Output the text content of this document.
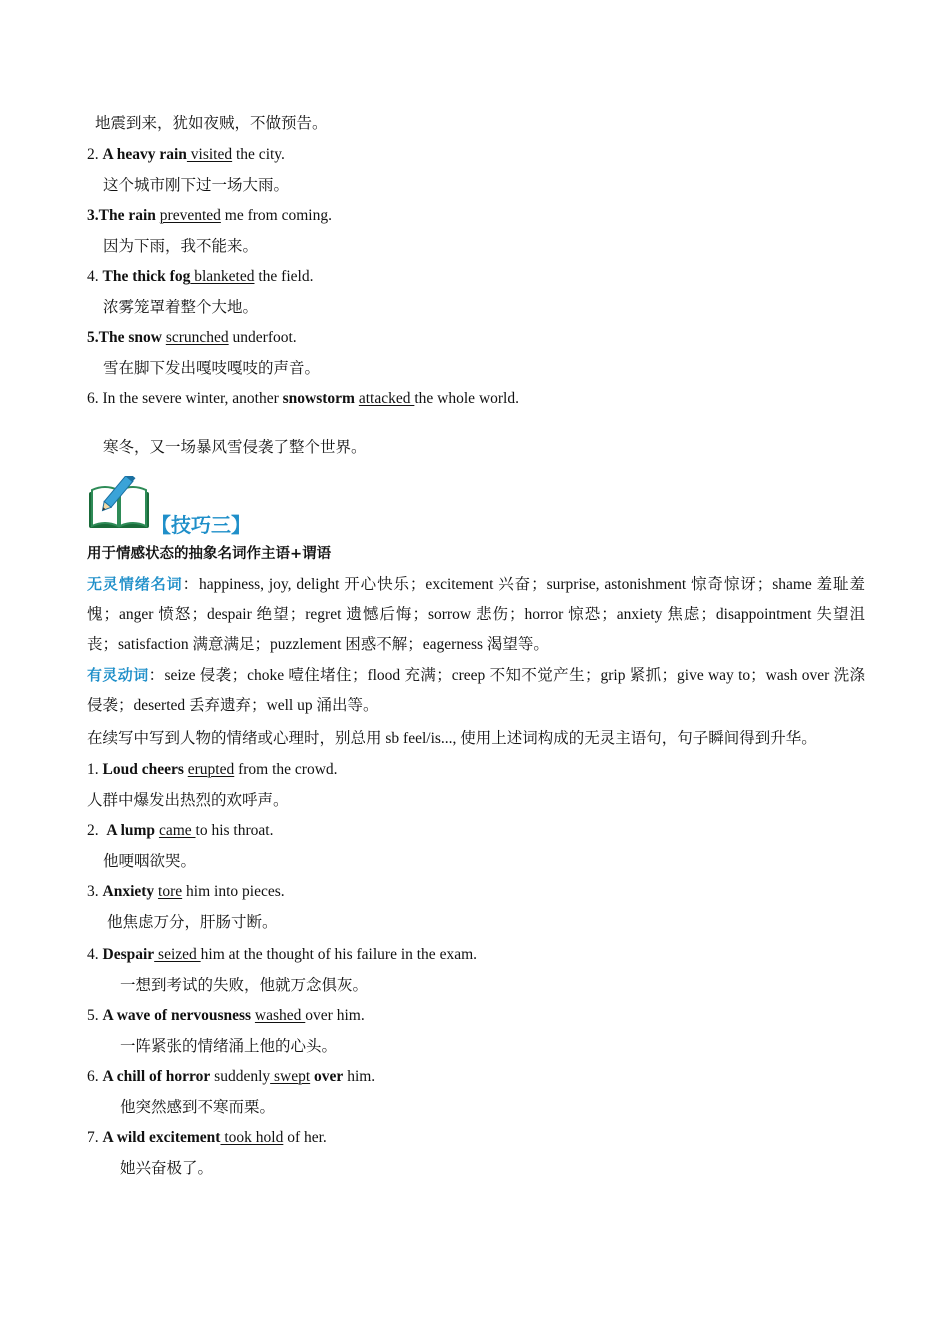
地震到来，犹如夜贼，不做预告。
2. A heavy rain visited the city.
这个城市刚下过一场大雨。
3.The rain prevented me from coming.
因为下雨，我不能来。
4. The thick fog blanketed the field.
浓雾笼罩着整个大地。
5.The snow scrunched underfoot.
雪在脚下发出嘎吱嘎吱的声音。
6. In the severe winter, another snowstorm attacked the whole world.
寒冬，又一场暴风雪侵袭了整个世界。
【技巧三】
用于情感状态的抽象名词作主语+谓语
无灵情绪名词：happiness, joy, delight 开心快乐；excitement 兴奋；surprise, astonishment 惊奇惊讶；shame 羞耻羞愧；anger 愤怒；despair 绝望；regret 遗憾后悔；sorrow 悲伤；horror 惊恐；anxiety 焦虑；disappointment 失望沮丧；satisfaction 满意满足；puzzlement 困惑不解；eagerness 渴望等。
有灵动词：seize 侵袭；choke 噎住堵住；flood 充满；creep 不知不觉产生；grip 紧抓；give way to；wash over 洗涤侵袭；deserted 丢弃遗弃；well up 涌出等。
在续写中写到人物的情绪或心理时，别总用 sb feel/is..., 使用上述词构成的无灵主语句，句子瞬间得到升华。
1. Loud cheers erupted from the crowd.
人群中爆发出热烈的欢呼声。
2.  A lump came to his throat.
他哽咽欲哭。
3. Anxiety tore him into pieces.
他焦虑万分，肝肠寸断。
4. Despair seized him at the thought of his failure in the exam.
一想到考试的失败，他就万念俱灰。
5. A wave of nervousness washed over him.
一阵紧张的情绪涌上他的心头。
6. A chill of horror suddenly swept over him.
他突然感到不寒而栗。
7. A wild excitement took hold of her.
她兴奋极了。
